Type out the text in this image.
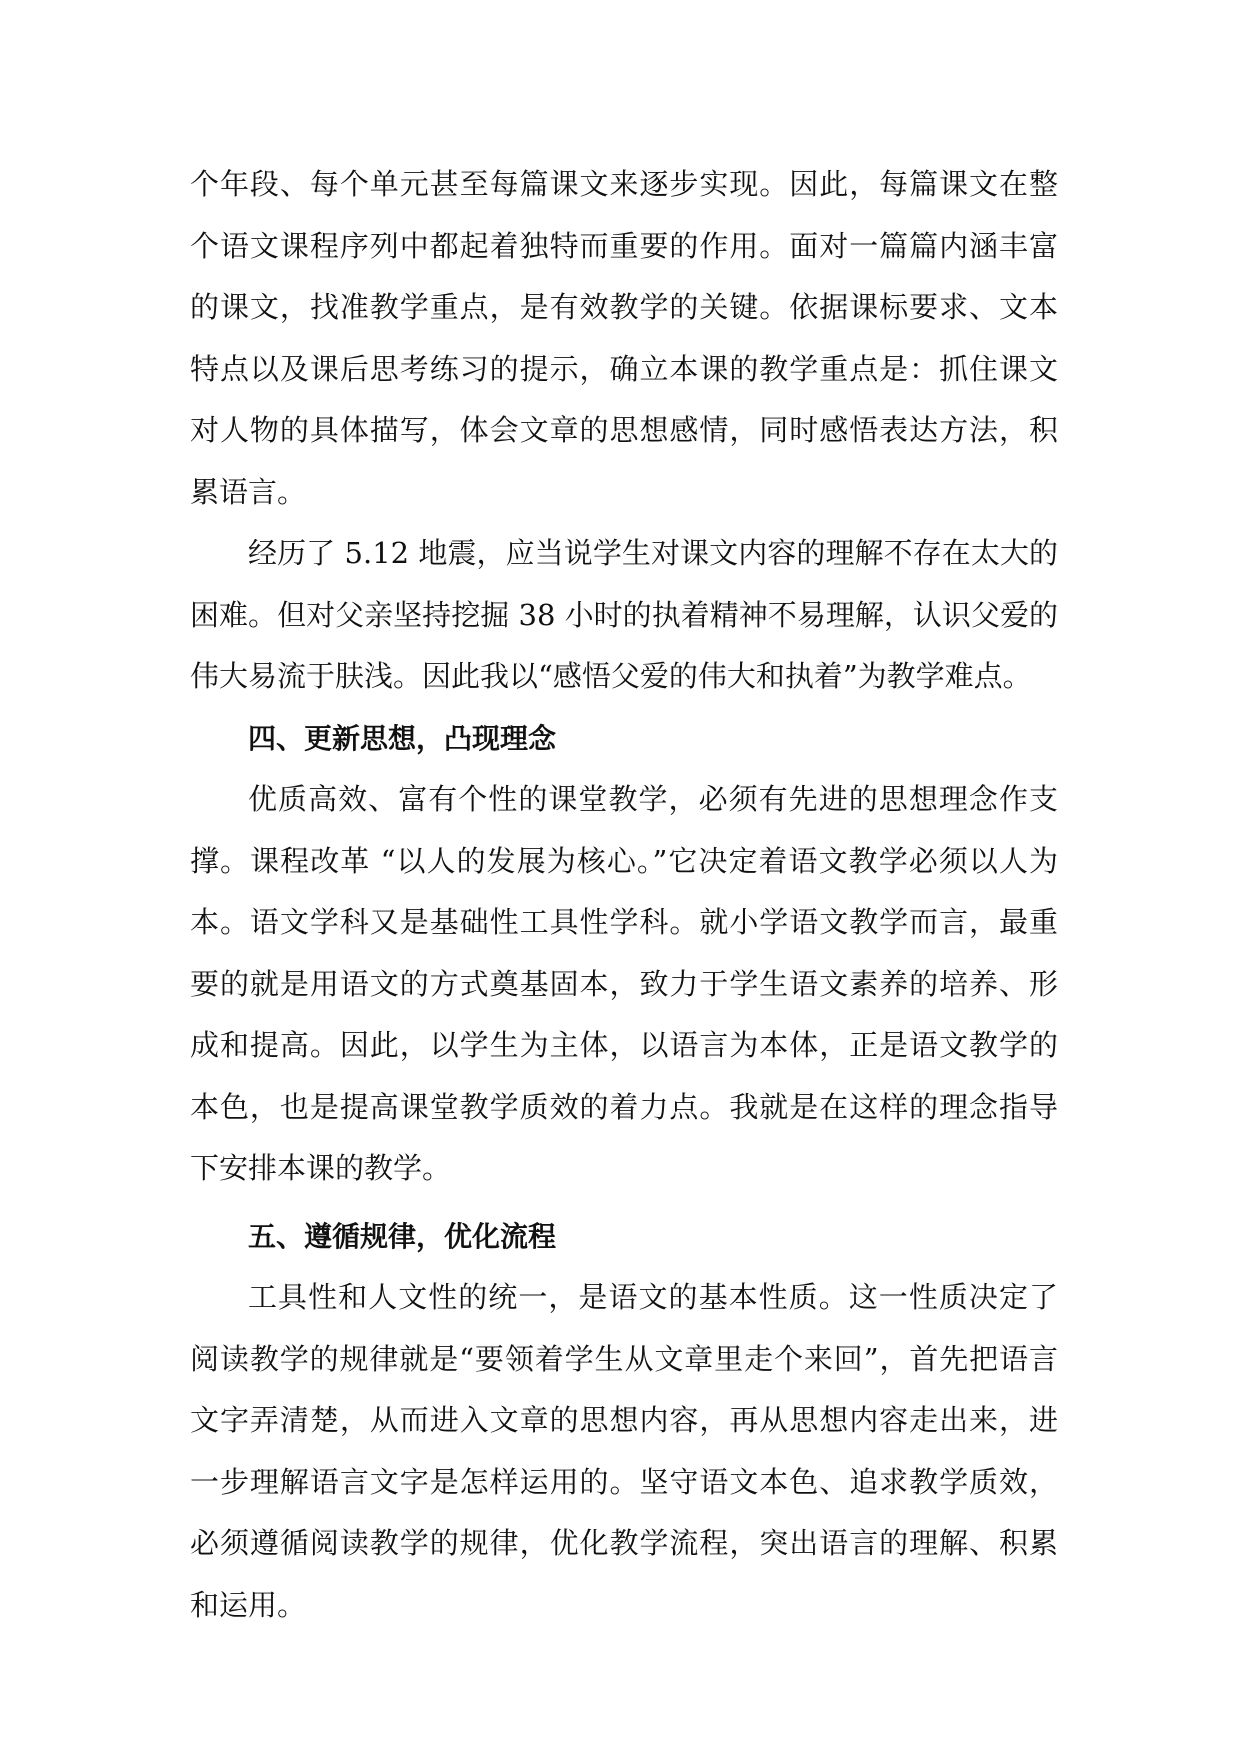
个年段、每个单元甚至每篇课文来逐步实现。因此，每篇课文在整个语文课程序列中都起着独特而重要的作用。面对一篇篇内涵丰富的课文，找准教学重点，是有效教学的关键。依据课标要求、文本特点以及课后思考练习的提示，确立本课的教学重点是：抓住课文对人物的具体描写，体会文章的思想感情，同时感悟表达方法，积累语言。

经历了 5.12 地震，应当说学生对课文内容的理解不存在太大的困难。但对父亲坚持挖掘 38 小时的执着精神不易理解，认识父爱的伟大易流于肤浅。因此我以“感悟父爱的伟大和执着”为教学难点。

四、更新思想，凸现理念

优质高效、富有个性的课堂教学，必须有先进的思想理念作支撑。课程改革 “以人的发展为核心。”它决定着语文教学必须以人为本。语文学科又是基础性工具性学科。就小学语文教学而言，最重要的就是用语文的方式奠基固本，致力于学生语文素养的培养、形成和提高。因此，以学生为主体，以语言为本体，正是语文教学的本色，也是提高课堂教学质效的着力点。我就是在这样的理念指导下安排本课的教学。

五、遵循规律，优化流程

工具性和人文性的统一，是语文的基本性质。这一性质决定了阅读教学的规律就是“要领着学生从文章里走个来回”，首先把语言文字弄清楚，从而进入文章的思想内容，再从思想内容走出来，进一步理解语言文字是怎样运用的。坚守语文本色、追求教学质效，必须遵循阅读教学的规律，优化教学流程，突出语言的理解、积累和运用。
